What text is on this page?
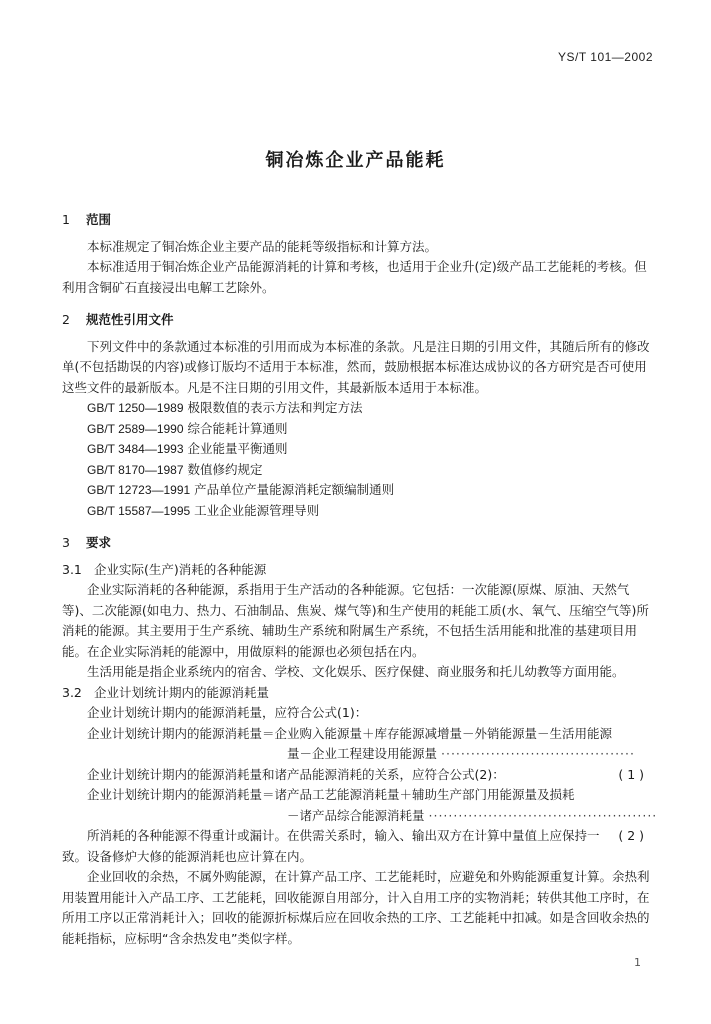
YS/T 101—2002
铜冶炼企业产品能耗

1 范围

本标准规定了铜冶炼企业主要产品的能耗等级指标和计算方法。

本标准适用于铜冶炼企业产品能源消耗的计算和考核，也适用于企业升(定)级产品工艺能耗的考核。但利用含铜矿石直接浸出电解工艺除外。

2 规范性引用文件

下列文件中的条款通过本标准的引用而成为本标准的条款。凡是注日期的引用文件，其随后所有的修改单(不包括勘误的内容)或修订版均不适用于本标准，然而，鼓励根据本标准达成协议的各方研究是否可使用这些文件的最新版本。凡是不注日期的引用文件，其最新版本适用于本标准。

GB/T 1250—1989 极限数值的表示方法和判定方法

GB/T 2589—1990 综合能耗计算通则

GB/T 3484—1993 企业能量平衡通则

GB/T 8170—1987 数值修约规定

GB/T 12723—1991 产品单位产量能源消耗定额编制通则

GB/T 15587—1995 工业企业能源管理导则

3 要求

3.1 企业实际(生产)消耗的各种能源

企业实际消耗的各种能源，系指用于生产活动的各种能源。它包括：一次能源(原煤、原油、天然气等)、二次能源(如电力、热力、石油制品、焦炭、煤气等)和生产使用的耗能工质(水、氧气、压缩空气等)所消耗的能源。其主要用于生产系统、辅助生产系统和附属生产系统，不包括生活用能和批准的基建项目用能。在企业实际消耗的能源中，用做原料的能源也必须包括在内。

生活用能是指企业系统内的宿舍、学校、文化娱乐、医疗保健、商业服务和托儿幼教等方面用能。

3.2 企业计划统计期内的能源消耗量

企业计划统计期内的能源消耗量，应符合公式(1)：

企业计划统计期内的能源消耗量＝企业购入能源量＋库存能源减增量－外销能源量－生活用能源

量－企业工程建设用能源量 ·······································
( 1 )

企业计划统计期内的能源消耗量和诸产品能源消耗的关系，应符合公式(2)：

企业计划统计期内的能源消耗量＝诸产品工艺能源消耗量＋辅助生产部门用能源量及损耗

－诸产品综合能源消耗量 ··············································
( 2 )

所消耗的各种能源不得重计或漏计。在供需关系时，输入、输出双方在计算中量值上应保持一致。设备修炉大修的能源消耗也应计算在内。

企业回收的余热，不属外购能源，在计算产品工序、工艺能耗时，应避免和外购能源重复计算。余热利用装置用能计入产品工序、工艺能耗，回收能源自用部分，计入自用工序的实物消耗；转供其他工序时，在所用工序以正常消耗计入；回收的能源折标煤后应在回收余热的工序、工艺能耗中扣减。如是含回收余热的能耗指标，应标明“含余热发电”类似字样。

1
